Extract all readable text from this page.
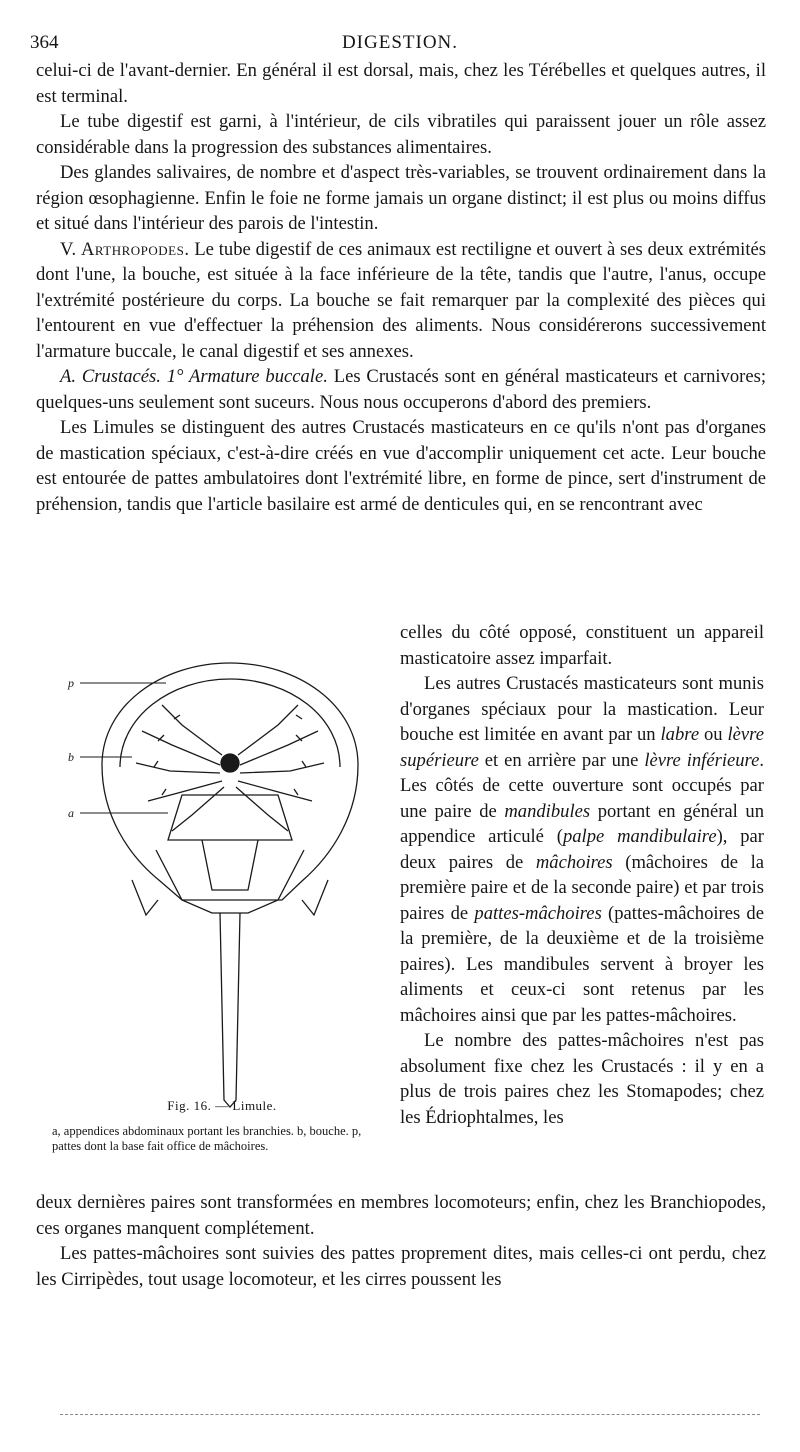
364	DIGESTION.

celui-ci de l'avant-dernier. En général il est dorsal, mais, chez les Térébelles et quelques autres, il est terminal.

Le tube digestif est garni, à l'intérieur, de cils vibratiles qui paraissent jouer un rôle assez considérable dans la progression des substances alimentaires.

Des glandes salivaires, de nombre et d'aspect très-variables, se trouvent ordinairement dans la région œsophagienne. Enfin le foie ne forme jamais un organe distinct; il est plus ou moins diffus et situé dans l'intérieur des parois de l'intestin.

V. Arthropodes. Le tube digestif de ces animaux est rectiligne et ouvert à ses deux extrémités dont l'une, la bouche, est située à la face inférieure de la tête, tandis que l'autre, l'anus, occupe l'extrémité postérieure du corps. La bouche se fait remarquer par la complexité des pièces qui l'entourent en vue d'effectuer la préhension des aliments. Nous considérerons successivement l'armature buccale, le canal digestif et ses annexes.

A. Crustacés. 1° Armature buccale. Les Crustacés sont en général masticateurs et carnivores; quelques-uns seulement sont suceurs. Nous nous occuperons d'abord des premiers.

Les Limules se distinguent des autres Crustacés masticateurs en ce qu'ils n'ont pas d'organes de mastication spéciaux, c'est-à-dire créés en vue d'accomplir uniquement cet acte. Leur bouche est entourée de pattes ambulatoires dont l'extrémité libre, en forme de pince, sert d'instrument de préhension, tandis que l'article basilaire est armé de denticules qui, en se rencontrant avec

p
b
a
Fig. 16. — Limule.
a, appendices abdominaux portant les branchies. b, bouche. p, pattes dont la base fait office de mâchoires.

celles du côté opposé, constituent un appareil masticatoire assez imparfait.

Les autres Crustacés masticateurs sont munis d'organes spéciaux pour la mastication. Leur bouche est limitée en avant par un labre ou lèvre supérieure et en arrière par une lèvre inférieure. Les côtés de cette ouverture sont occupés par une paire de mandibules portant en général un appendice articulé (palpe mandibulaire), par deux paires de mâchoires (mâchoires de la première paire et de la seconde paire) et par trois paires de pattes-mâchoires (pattes-mâchoires de la première, de la deuxième et de la troisième paires). Les mandibules servent à broyer les aliments et ceux-ci sont retenus par les mâchoires ainsi que par les pattes-mâchoires.

Le nombre des pattes-mâchoires n'est pas absolument fixe chez les Crustacés : il y en a plus de trois paires chez les Stomapodes; chez les Édriophtalmes, les

deux dernières paires sont transformées en membres locomoteurs; enfin, chez les Branchiopodes, ces organes manquent complétement.

Les pattes-mâchoires sont suivies des pattes proprement dites, mais celles-ci ont perdu, chez les Cirripèdes, tout usage locomoteur, et les cirres poussent les
